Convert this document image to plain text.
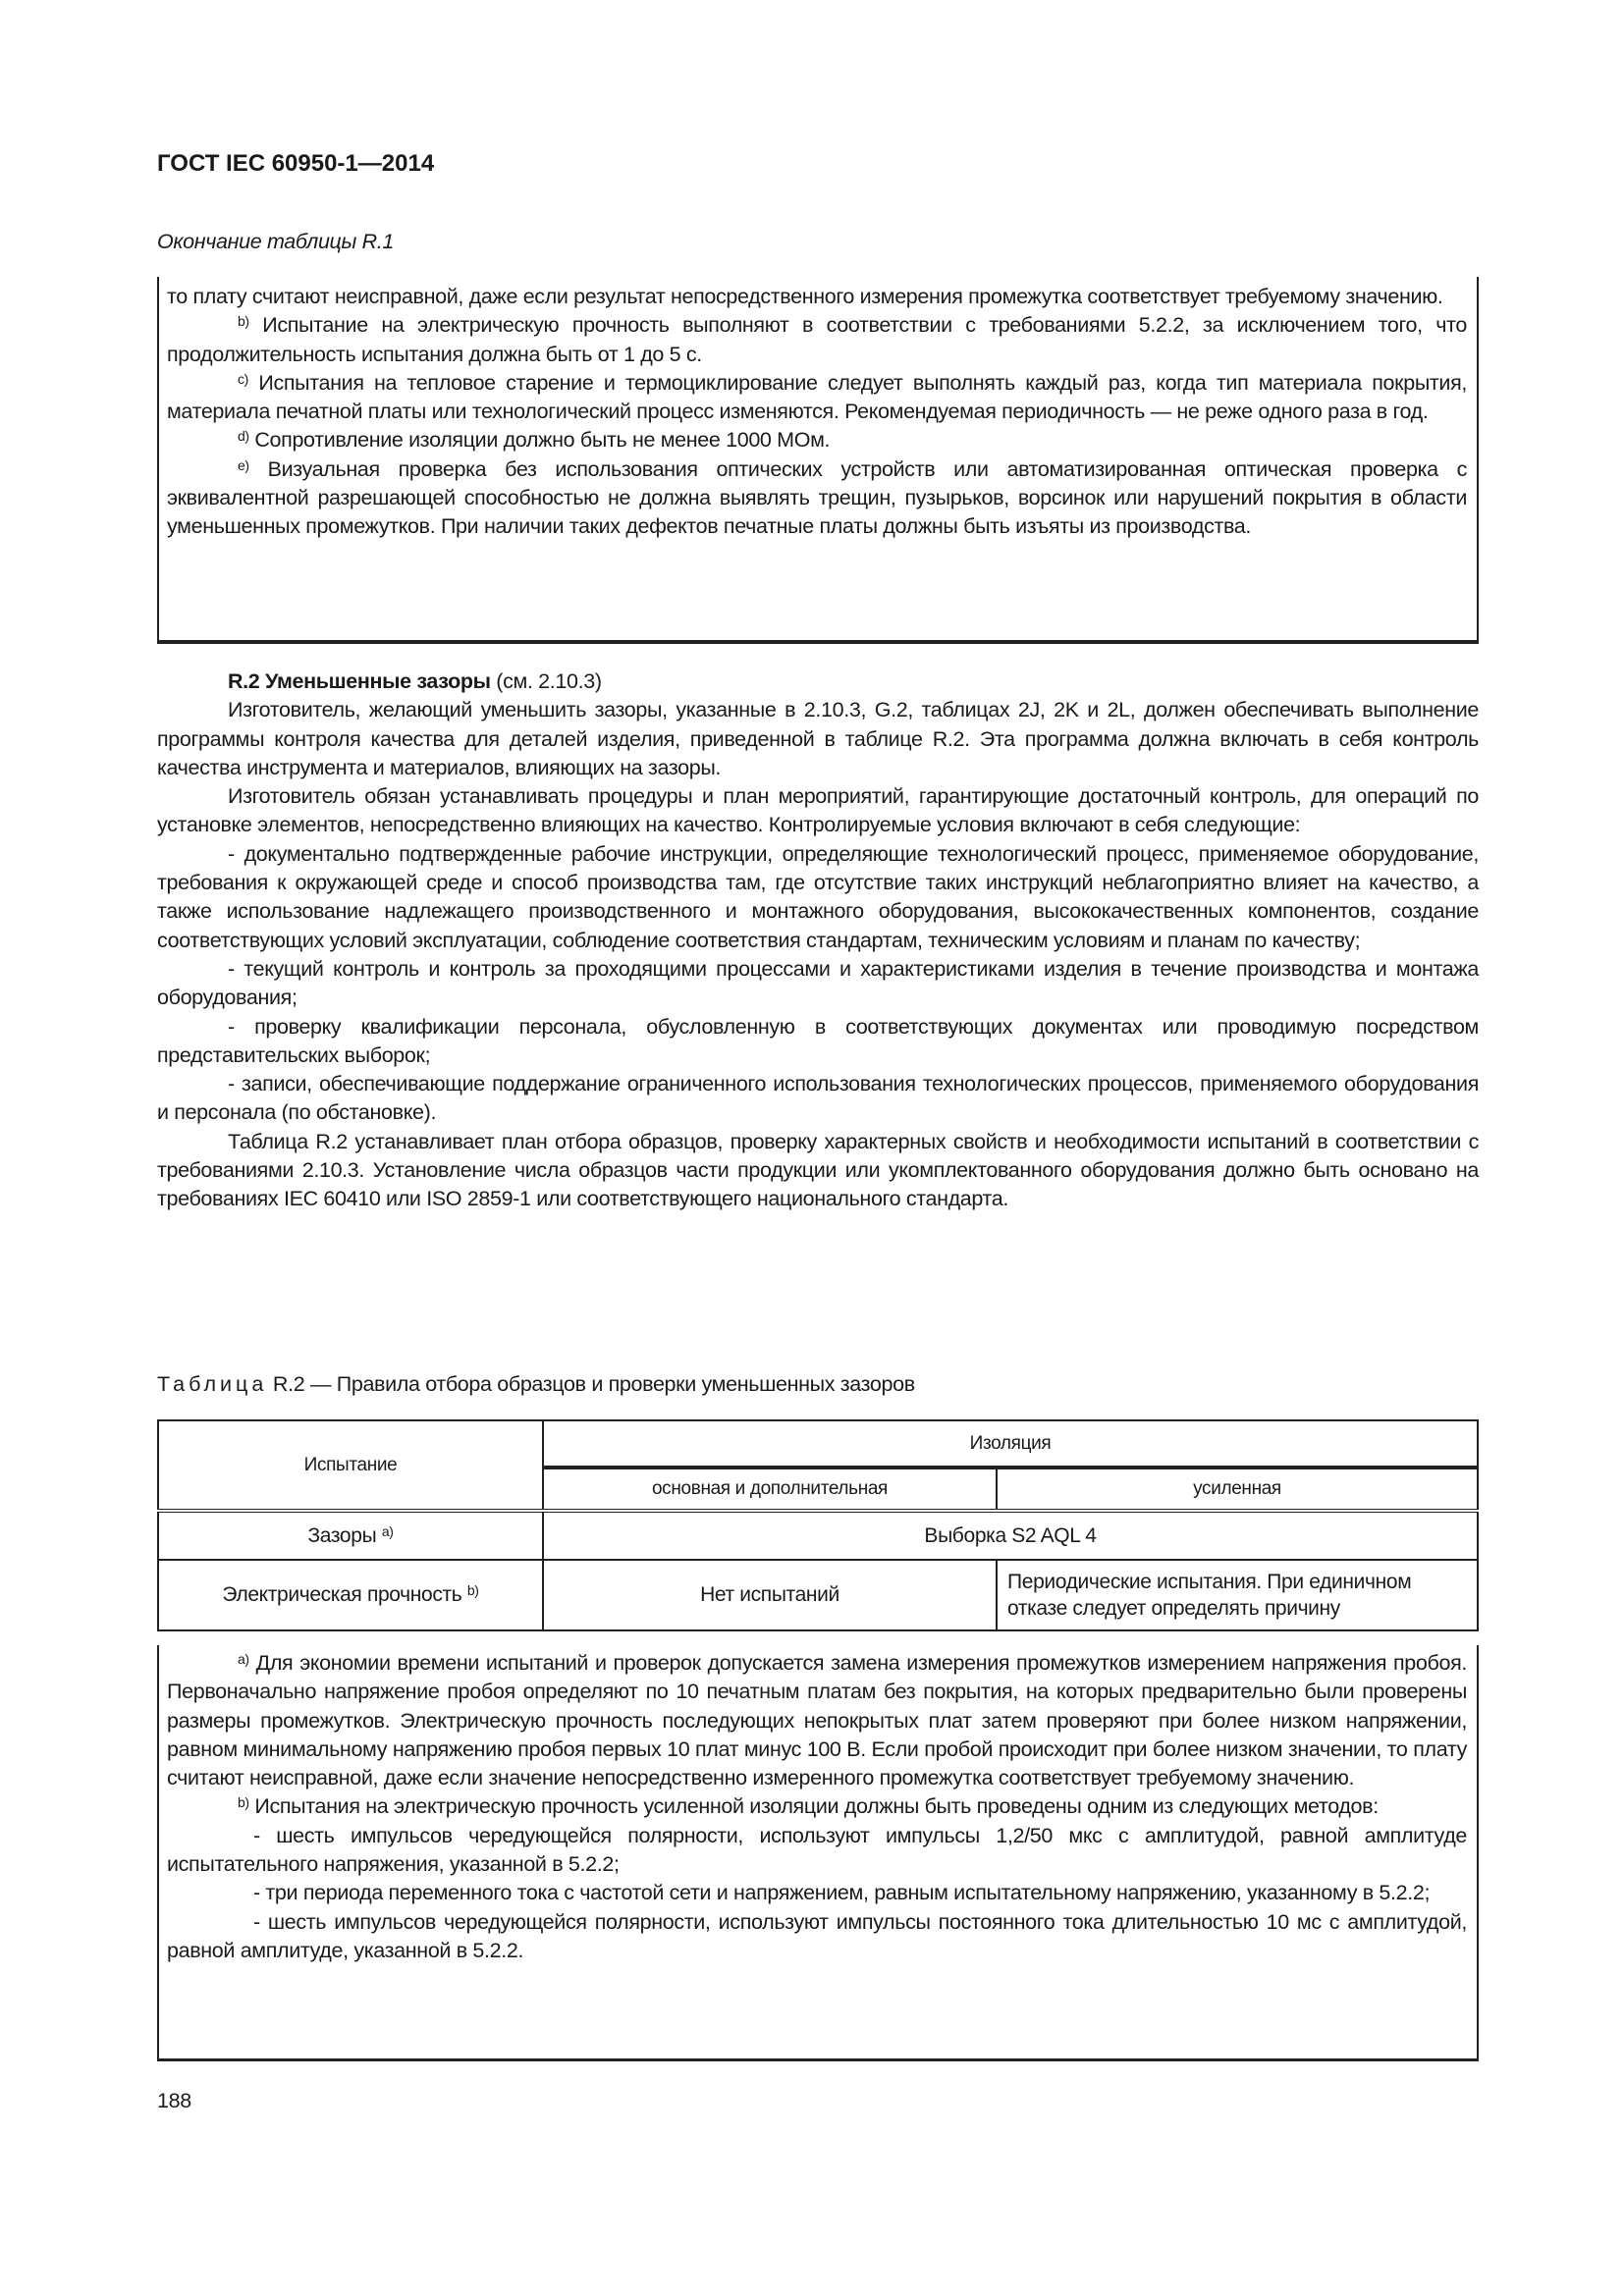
ГОСТ IEC 60950-1—2014
Окончание таблицы R.1

то плату считают неисправной, даже если результат непосредственного измерения промежутка соответствует требуемому значению.

$^{b)}$ Испытание на электрическую прочность выполняют в соответствии с требованиями 5.2.2, за исключением того, что продолжительность испытания должна быть от 1 до 5 с.

$^{c)}$ Испытания на тепловое старение и термоциклирование следует выполнять каждый раз, когда тип материала покрытия, материала печатной платы или технологический процесс изменяются. Рекомендуемая периодичность — не реже одного раза в год.

$^{d)}$ Сопротивление изоляции должно быть не менее 1000 МОм.

$^{e)}$ Визуальная проверка без использования оптических устройств или автоматизированная оптическая проверка с эквивалентной разрешающей способностью не должна выявлять трещин, пузырьков, ворсинок или нарушений покрытия в области уменьшенных промежутков. При наличии таких дефектов печатные платы должны быть изъяты из производства.

R.2 Уменьшенные зазоры (см. 2.10.3)

Изготовитель, желающий уменьшить зазоры, указанные в 2.10.3, G.2, таблицах 2J, 2K и 2L, должен обеспечивать выполнение программы контроля качества для деталей изделия, приведенной в таблице R.2. Эта программа должна включать в себя контроль качества инструмента и материалов, влияющих на зазоры.

Изготовитель обязан устанавливать процедуры и план мероприятий, гарантирующие достаточный контроль, для операций по установке элементов, непосредственно влияющих на качество. Контролируемые условия включают в себя следующие:

- документально подтвержденные рабочие инструкции, определяющие технологический процесс, применяемое оборудование, требования к окружающей среде и способ производства там, где отсутствие таких инструкций неблагоприятно влияет на качество, а также использование надлежащего производственного и монтажного оборудования, высококачественных компонентов, создание соответствующих условий эксплуатации, соблюдение соответствия стандартам, техническим условиям и планам по качеству;

- текущий контроль и контроль за проходящими процессами и характеристиками изделия в течение производства и монтажа оборудования;

- проверку квалификации персонала, обусловленную в соответствующих документах или проводимую посредством представительских выборок;

- записи, обеспечивающие поддержание ограниченного использования технологических процессов, применяемого оборудования и персонала (по обстановке).

Таблица R.2 устанавливает план отбора образцов, проверку характерных свойств и необходимости испытаний в соответствии с требованиями 2.10.3. Установление числа образцов части продукции или укомплектованного оборудования должно быть основано на требованиях IEC 60410 или ISO 2859-1 или соответствующего национального стандарта.

Таблица R.2 — Правила отбора образцов и проверки уменьшенных зазоров
Испытание	Изоляция	
	основная и дополнительная	усиленная
Зазоры $^{a)}$	Выборка S2 AQL 4	
Электрическая прочность $^{b)}$	Нет испытаний	Периодические испытания. При единичном отказе следует определять причину

$^{a)}$ Для экономии времени испытаний и проверок допускается замена измерения промежутков измерением напряжения пробоя. Первоначально напряжение пробоя определяют по 10 печатным платам без покрытия, на которых предварительно были проверены размеры промежутков. Электрическую прочность последующих непокрытых плат затем проверяют при более низком напряжении, равном минимальному напряжению пробоя первых 10 плат минус 100 В. Если пробой происходит при более низком значении, то плату считают неисправной, даже если значение непосредственно измеренного промежутка соответствует требуемому значению.

$^{b)}$ Испытания на электрическую прочность усиленной изоляции должны быть проведены одним из следующих методов:

- шесть импульсов чередующейся полярности, используют импульсы 1,2/50 мкс с амплитудой, равной амплитуде испытательного напряжения, указанной в 5.2.2;

- три периода переменного тока с частотой сети и напряжением, равным испытательному напряжению, указанному в 5.2.2;

- шесть импульсов чередующейся полярности, используют импульсы постоянного тока длительностью 10 мс с амплитудой, равной амплитуде, указанной в 5.2.2.

188
